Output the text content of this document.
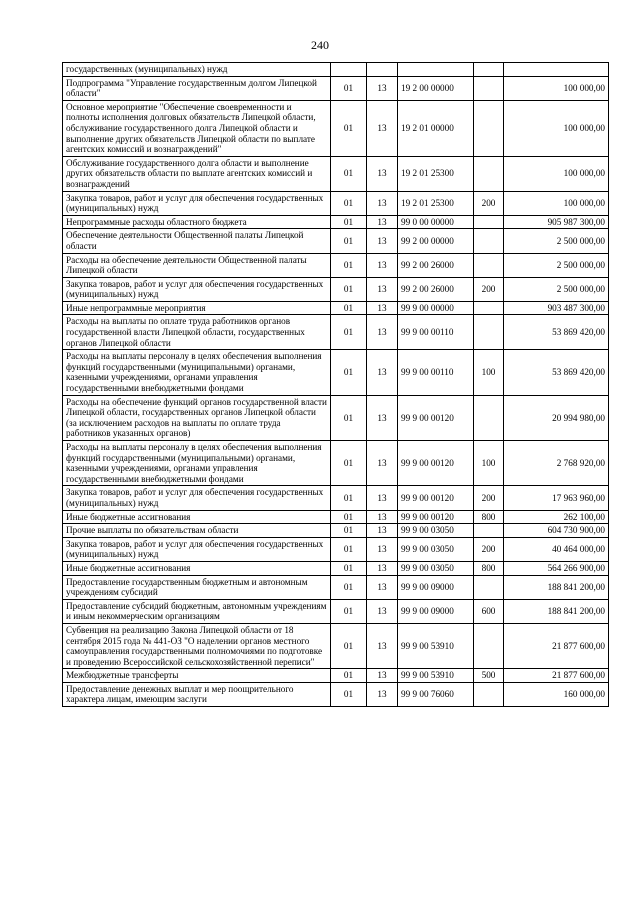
240
государственных (муниципальных) нужд					
Подпрограмма "Управление государственным долгом Липецкой области"	01	13	19 2 00 00000		100 000,00
Основное мероприятие "Обеспечение своевременности и полноты исполнения долговых обязательств Липецкой области, обслуживание государственного долга Липецкой области и выполнение других обязательств Липецкой области по выплате агентских комиссий и вознаграждений"	01	13	19 2 01 00000		100 000,00
Обслуживание государственного долга области и выполнение других обязательств области по выплате агентских комиссий и вознаграждений	01	13	19 2 01 25300		100 000,00
Закупка товаров, работ и услуг для обеспечения государственных (муниципальных) нужд	01	13	19 2 01 25300	200	100 000,00
Непрограммные расходы областного бюджета	01	13	99 0 00 00000		905 987 300,00
Обеспечение деятельности Общественной палаты Липецкой области	01	13	99 2 00 00000		2 500 000,00
Расходы на обеспечение деятельности Общественной палаты Липецкой области	01	13	99 2 00 26000		2 500 000,00
Закупка товаров, работ и услуг для обеспечения государственных (муниципальных) нужд	01	13	99 2 00 26000	200	2 500 000,00
Иные непрограммные мероприятия	01	13	99 9 00 00000		903 487 300,00
Расходы на выплаты по оплате труда работников органов государственной власти Липецкой области, государственных органов Липецкой области	01	13	99 9 00 00110		53 869 420,00
Расходы на выплаты персоналу в целях обеспечения выполнения функций государственными (муниципальными) органами, казенными учреждениями, органами управления государственными внебюджетными фондами	01	13	99 9 00 00110	100	53 869 420,00
Расходы на обеспечение функций органов государственной власти Липецкой области, государственных органов Липецкой области (за исключением расходов на выплаты по оплате труда работников указанных органов)	01	13	99 9 00 00120		20 994 980,00
Расходы на выплаты персоналу в целях обеспечения выполнения функций государственными (муниципальными) органами, казенными учреждениями, органами управления государственными внебюджетными фондами	01	13	99 9 00 00120	100	2 768 920,00
Закупка товаров, работ и услуг для обеспечения государственных (муниципальных) нужд	01	13	99 9 00 00120	200	17 963 960,00
Иные бюджетные ассигнования	01	13	99 9 00 00120	800	262 100,00
Прочие выплаты по обязательствам области	01	13	99 9 00 03050		604 730 900,00
Закупка товаров, работ и услуг для обеспечения государственных (муниципальных) нужд	01	13	99 9 00 03050	200	40 464 000,00
Иные бюджетные ассигнования	01	13	99 9 00 03050	800	564 266 900,00
Предоставление государственным бюджетным и автономным учреждениям субсидий	01	13	99 9 00 09000		188 841 200,00
Предоставление субсидий бюджетным, автономным учреждениям и иным некоммерческим организациям	01	13	99 9 00 09000	600	188 841 200,00
Субвенция на реализацию Закона Липецкой области от 18 сентября 2015 года № 441-ОЗ "О наделении органов местного самоуправления государственными полномочиями по подготовке и проведению Всероссийской сельскохозяйственной переписи"	01	13	99 9 00 53910		21 877 600,00
Межбюджетные трансферты	01	13	99 9 00 53910	500	21 877 600,00
Предоставление денежных выплат и мер поощрительного характера лицам, имеющим заслуги	01	13	99 9 00 76060		160 000,00
